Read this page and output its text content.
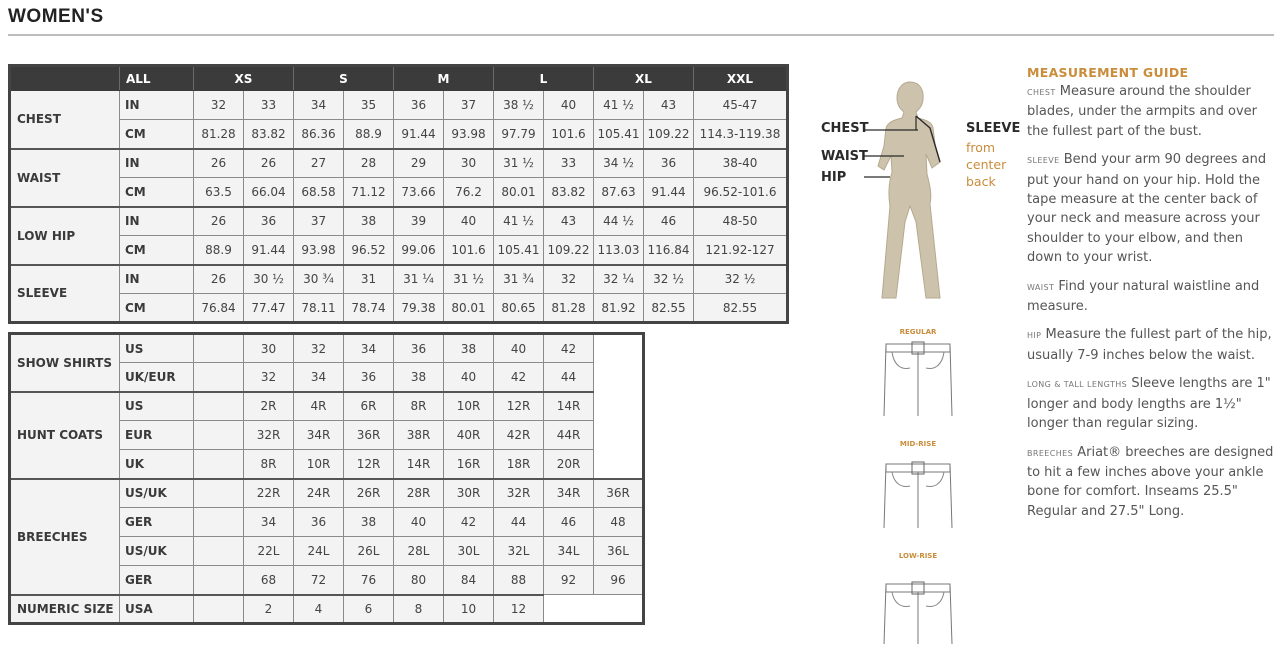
WOMEN'S
	ALL	XS		S		M		L		XL		XXL
CHEST	IN	32	33	34	35	36	37	38 ½	40	41 ½	43	45-47
	CM	81.28	83.82	86.36	88.9	91.44	93.98	97.79	101.6	105.41	109.22	114.3-119.38
WAIST	IN	26	26	27	28	29	30	31 ½	33	34 ½	36	38-40
	CM	63.5	66.04	68.58	71.12	73.66	76.2	80.01	83.82	87.63	91.44	96.52-101.6
LOW HIP	IN	26	36	37	38	39	40	41 ½	43	44 ½	46	48-50
	CM	88.9	91.44	93.98	96.52	99.06	101.6	105.41	109.22	113.03	116.84	121.92-127
SLEEVE	IN	26	30 ½	30 ¾	31	31 ¼	31 ½	31 ¾	32	32 ¼	32 ½	32 ½
	CM	76.84	77.47	78.11	78.74	79.38	80.01	80.65	81.28	81.92	82.55	82.55
SHOW SHIRTS	US		30	32	34	36	38	40	42	
	UK/EUR		32	34	36	38	40	42	44	
HUNT COATS	US		2R	4R	6R	8R	10R	12R	14R	
	EUR		32R	34R	36R	38R	40R	42R	44R	
	UK		8R	10R	12R	14R	16R	18R	20R	
BREECHES	US/UK		22R	24R	26R	28R	30R	32R	34R	36R
	GER		34	36	38	40	42	44	46	48
	US/UK		22L	24L	26L	28L	30L	32L	34L	36L
	GER		68	72	76	80	84	88	92	96
NUMERIC SIZE	USA		2	4	6	8	10	12		
CHEST
WAIST
HIP
SLEEVE
from
center
back
REGULAR
MID-RISE
LOW-RISE
MEASUREMENT GUIDE
CHEST Measure around the shoulder blades, under the armpits and over the fullest part of the bust.
SLEEVE Bend your arm 90 degrees and put your hand on your hip. Hold the tape measure at the center back of your neck and measure across your shoulder to your elbow, and then down to your wrist.
WAIST Find your natural waistline and measure.
HIP Measure the fullest part of the hip, usually 7-9 inches below the waist.
LONG & TALL LENGTHS Sleeve lengths are 1" longer and body lengths are 1½" longer than regular sizing.
BREECHES Ariat® breeches are designed to hit a few inches above your ankle bone for comfort. Inseams 25.5" Regular and 27.5" Long.
